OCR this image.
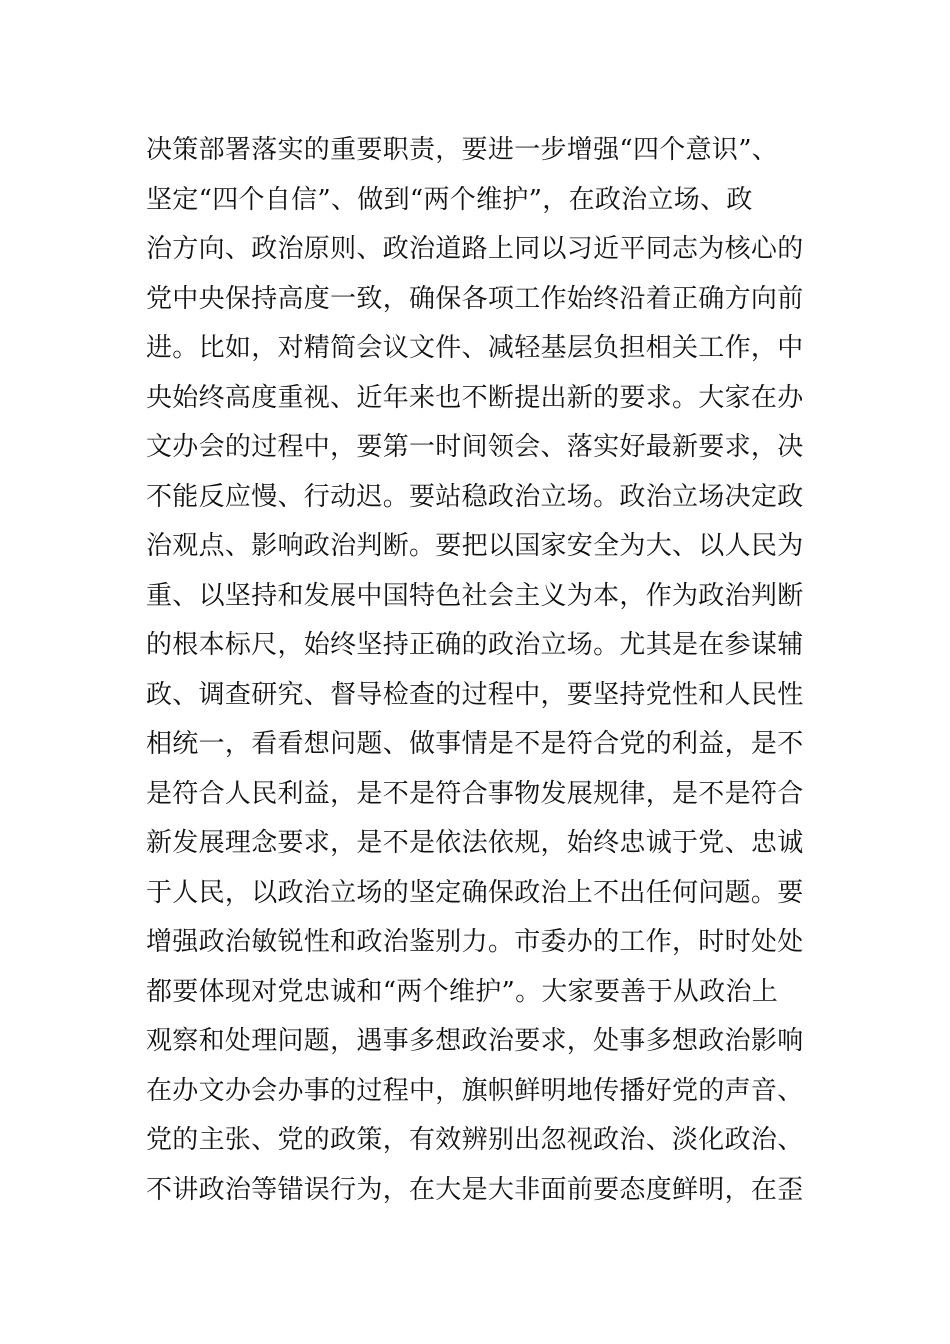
决策部署落实的重要职责，要进一步增强“四个意识”、
坚定“四个自信”、做到“两个维护”，在政治立场、政
治方向、政治原则、政治道路上同以习近平同志为核心的
党中央保持高度一致，确保各项工作始终沿着正确方向前
进。比如，对精简会议文件、减轻基层负担相关工作，中
央始终高度重视、近年来也不断提出新的要求。大家在办
文办会的过程中，要第一时间领会、落实好最新要求，决
不能反应慢、行动迟。要站稳政治立场。政治立场决定政
治观点、影响政治判断。要把以国家安全为大、以人民为
重、以坚持和发展中国特色社会主义为本，作为政治判断
的根本标尺，始终坚持正确的政治立场。尤其是在参谋辅
政、调查研究、督导检查的过程中，要坚持党性和人民性
相统一，看看想问题、做事情是不是符合党的利益，是不
是符合人民利益，是不是符合事物发展规律，是不是符合
新发展理念要求，是不是依法依规，始终忠诚于党、忠诚
于人民，以政治立场的坚定确保政治上不出任何问题。要
增强政治敏锐性和政治鉴别力。市委办的工作，时时处处
都要体现对党忠诚和“两个维护”。大家要善于从政治上
观察和处理问题，遇事多想政治要求，处事多想政治影响
在办文办会办事的过程中，旗帜鲜明地传播好党的声音、
党的主张、党的政策，有效辨别出忽视政治、淡化政治、
不讲政治等错误行为，在大是大非面前要态度鲜明，在歪
